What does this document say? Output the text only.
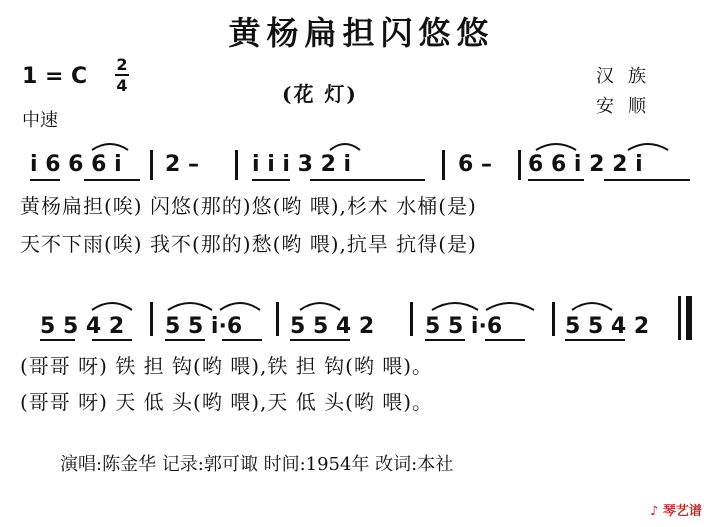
黄杨扁担闪悠悠
1 = C 2
4	(花 灯)
汉族
安顺
中速
i 6 6 6 i 2 – i i i 3 2 i	6 – 6 6 i 2 2 i
黄杨扁担(唉) 闪悠(那的)悠(哟 喂),杉木 水桶(是)
天不下雨(唉) 我不(那的)愁(哟 喂),抗旱 抗得(是)
5 5 4 2 5 5 i·6 5 5 4 2 5 5 i·6	5 5 4 2
(哥哥 呀) 铁 担 钩(哟 喂),铁 担 钩(哟 喂)。
(哥哥 呀) 天 低 头(哟 喂),天 低 头(哟 喂)。
演唱:陈金华 记录:郭可诹 时间:1954年 改词:本社
♪ 琴艺谱
